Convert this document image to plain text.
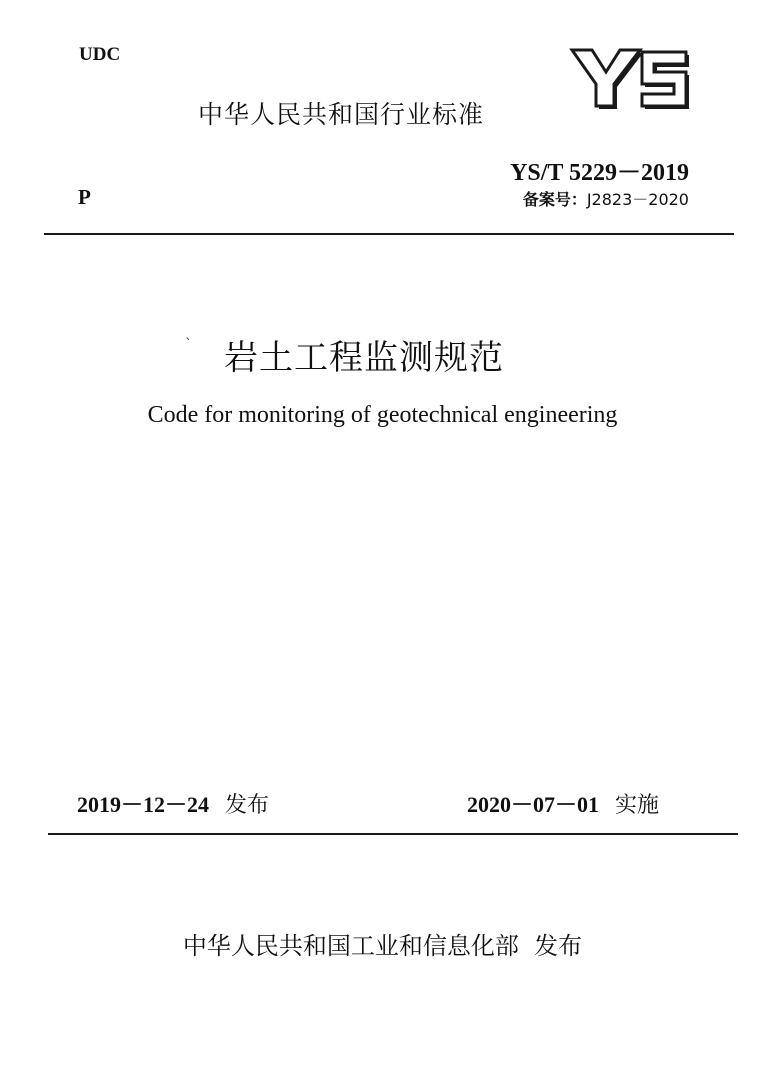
UDC
中华人民共和国行业标准
YS/T 5229－2019
备案号：J2823－2020
P
` 岩土工程监测规范
Code for monitoring of geotechnical engineering
2019－12－24 发布	2020－07－01 实施
中华人民共和国工业和信息化部  发布
